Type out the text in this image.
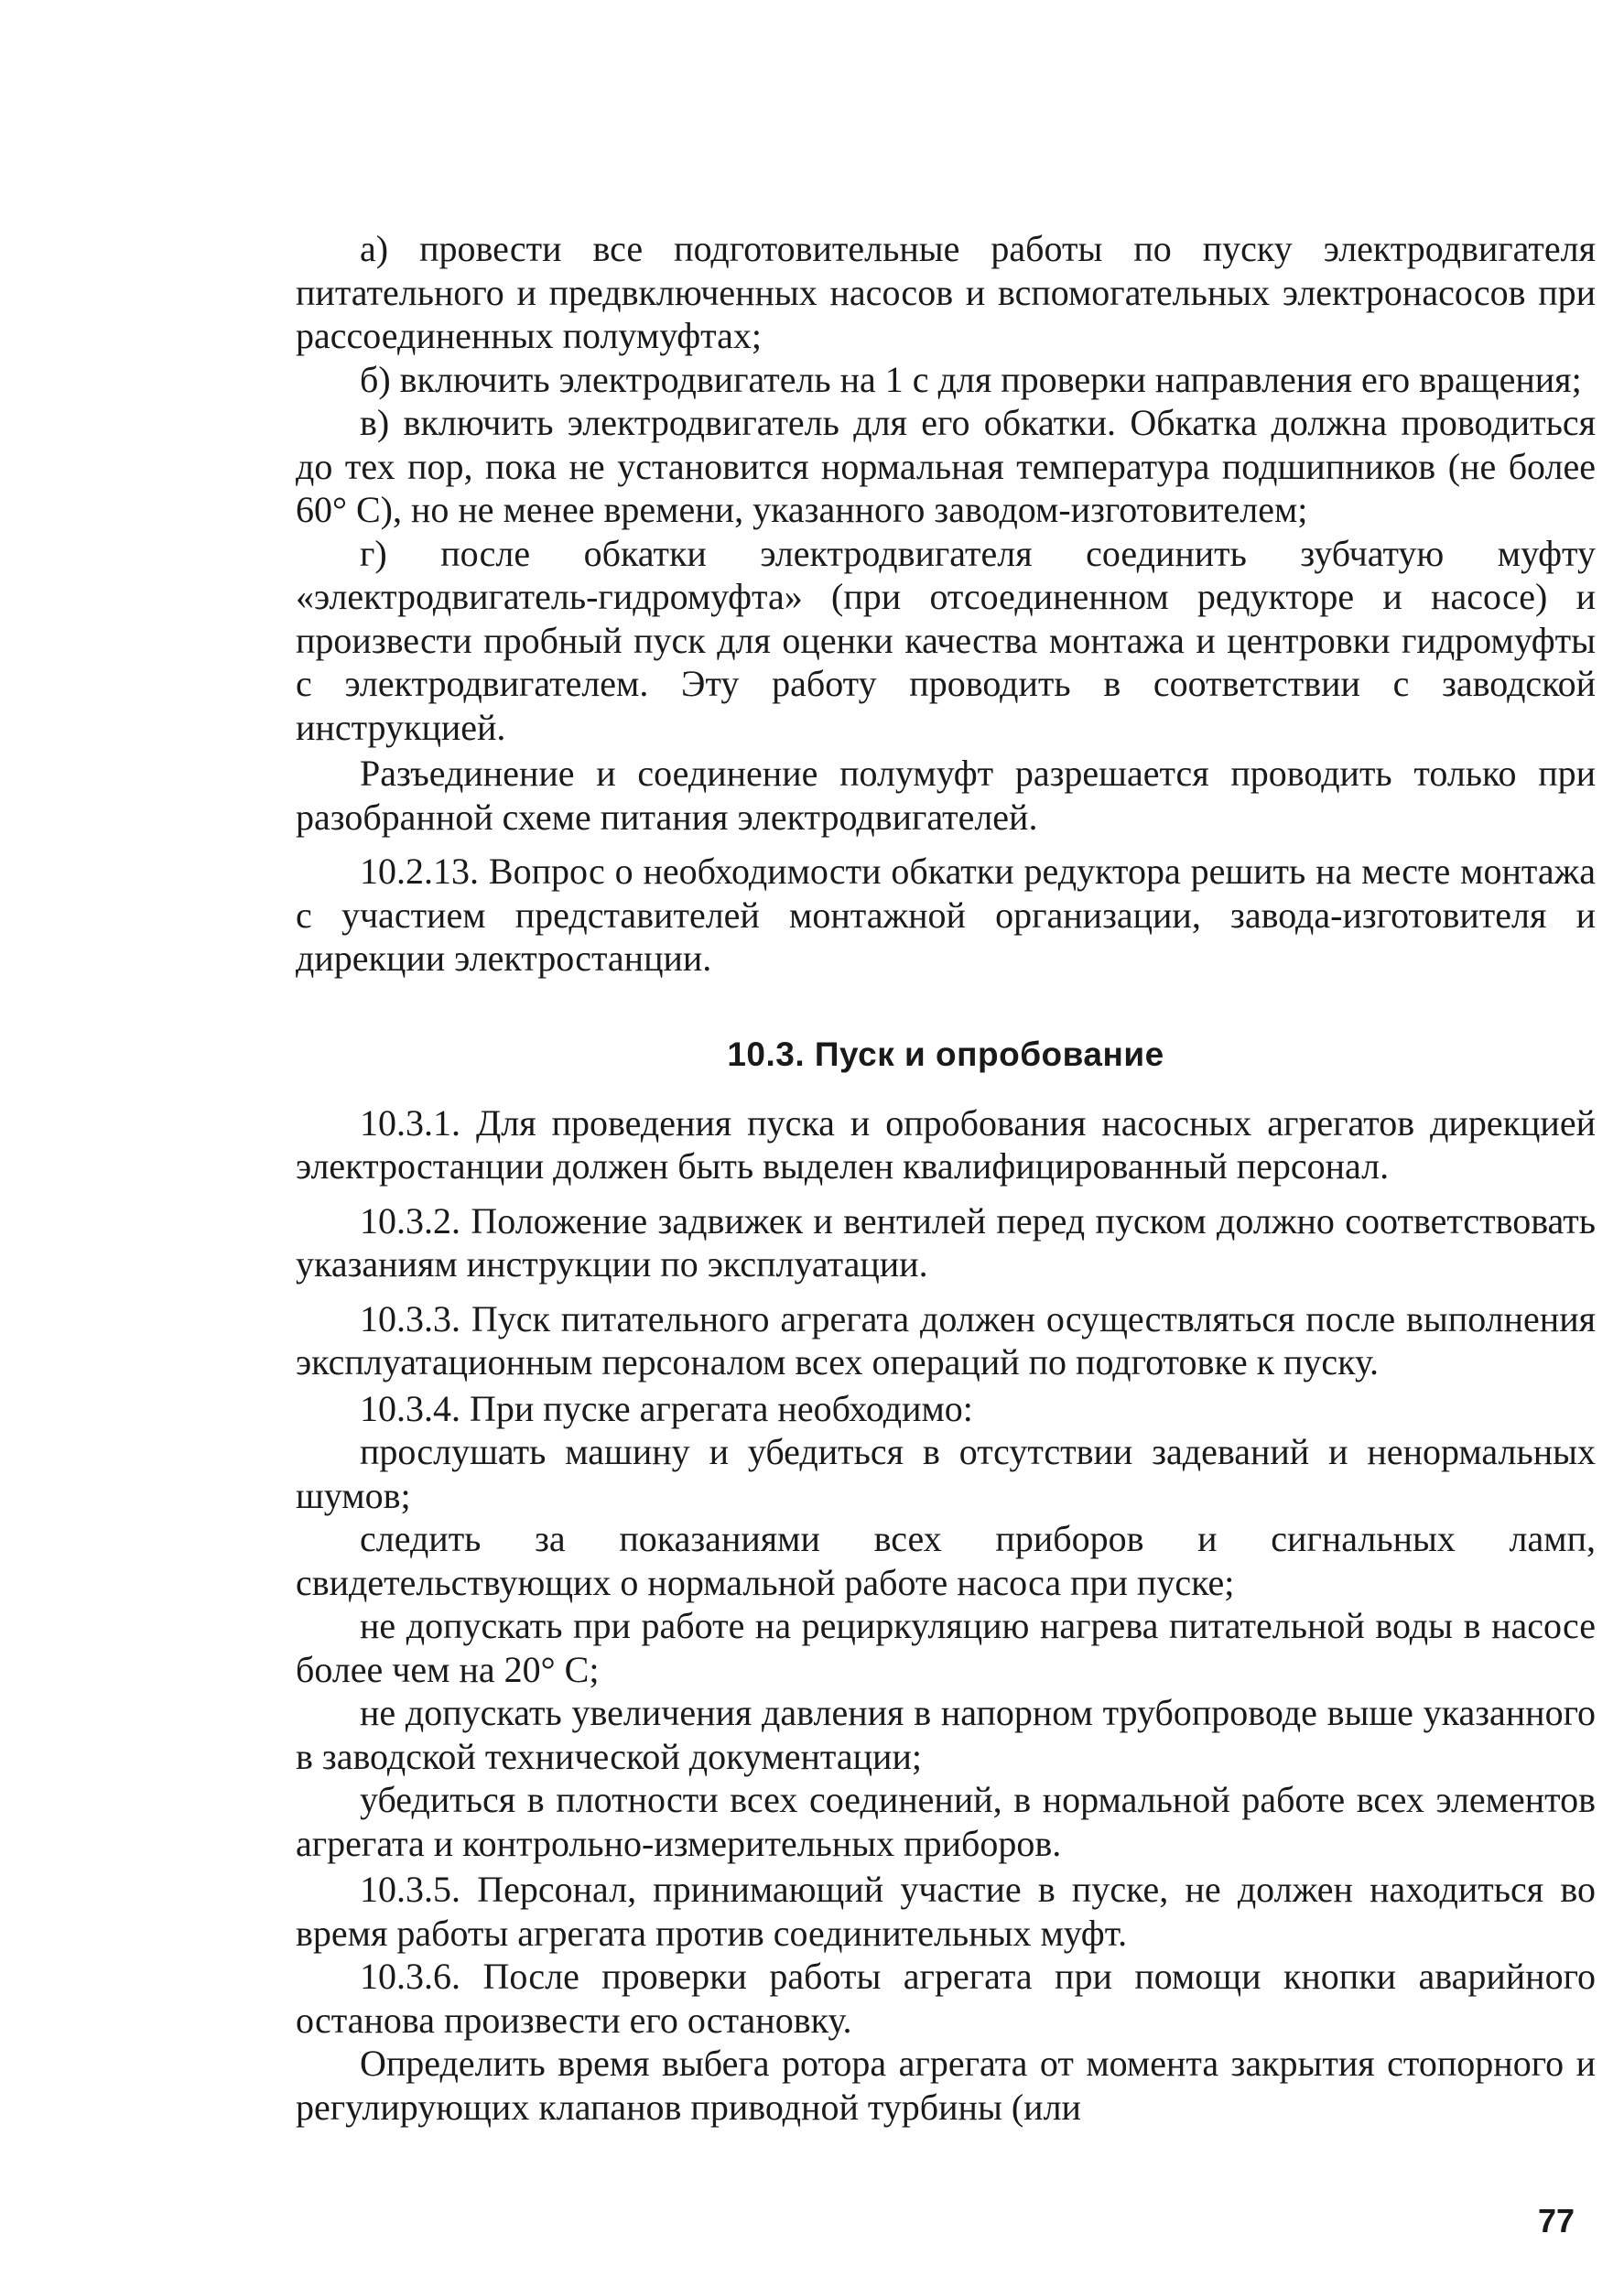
а) провести все подготовительные работы по пуску электродвигателя питательного и предвключенных насосов и вспомогательных электронасосов при рассоединенных полумуфтах;

б) включить электродвигатель на 1 с для проверки направления его вращения;

в) включить электродвигатель для его обкатки. Обкатка должна проводиться до тех пор, пока не установится нормальная температура подшипников (не более 60° С), но не менее времени, указанного заводом-изготовителем;

г) после обкатки электродвигателя соединить зубчатую муфту «электродвигатель-гидромуфта» (при отсоединенном редукторе и насосе) и произвести пробный пуск для оценки качества монтажа и центровки гидромуфты с электродвигателем. Эту работу проводить в соответствии с заводской инструкцией.

Разъединение и соединение полумуфт разрешается проводить только при разобранной схеме питания электродвигателей.

10.2.13. Вопрос о необходимости обкатки редуктора решить на месте монтажа с участием представителей монтажной организации, завода-изготовителя и дирекции электростанции.

10.3. Пуск и опробование

10.3.1. Для проведения пуска и опробования насосных агрегатов дирекцией электростанции должен быть выделен квалифицированный персонал.

10.3.2. Положение задвижек и вентилей перед пуском должно соответствовать указаниям инструкции по эксплуатации.

10.3.3. Пуск питательного агрегата должен осуществляться после выполнения эксплуатационным персоналом всех операций по подготовке к пуску.

10.3.4. При пуске агрегата необходимо:

прослушать машину и убедиться в отсутствии задеваний и ненормальных шумов;

следить за показаниями всех приборов и сигнальных ламп, свидетельствующих о нормальной работе насоса при пуске;

не допускать при работе на рециркуляцию нагрева питательной воды в насосе более чем на 20° С;

не допускать увеличения давления в напорном трубопроводе выше указанного в заводской технической документации;

убедиться в плотности всех соединений, в нормальной работе всех элементов агрегата и контрольно-измерительных приборов.

10.3.5. Персонал, принимающий участие в пуске, не должен находиться во время работы агрегата против соединительных муфт.

10.3.6. После проверки работы агрегата при помощи кнопки аварийного останова произвести его остановку.

Определить время выбега ротора агрегата от момента закрытия стопорного и регулирующих клапанов приводной турбины (или

77
